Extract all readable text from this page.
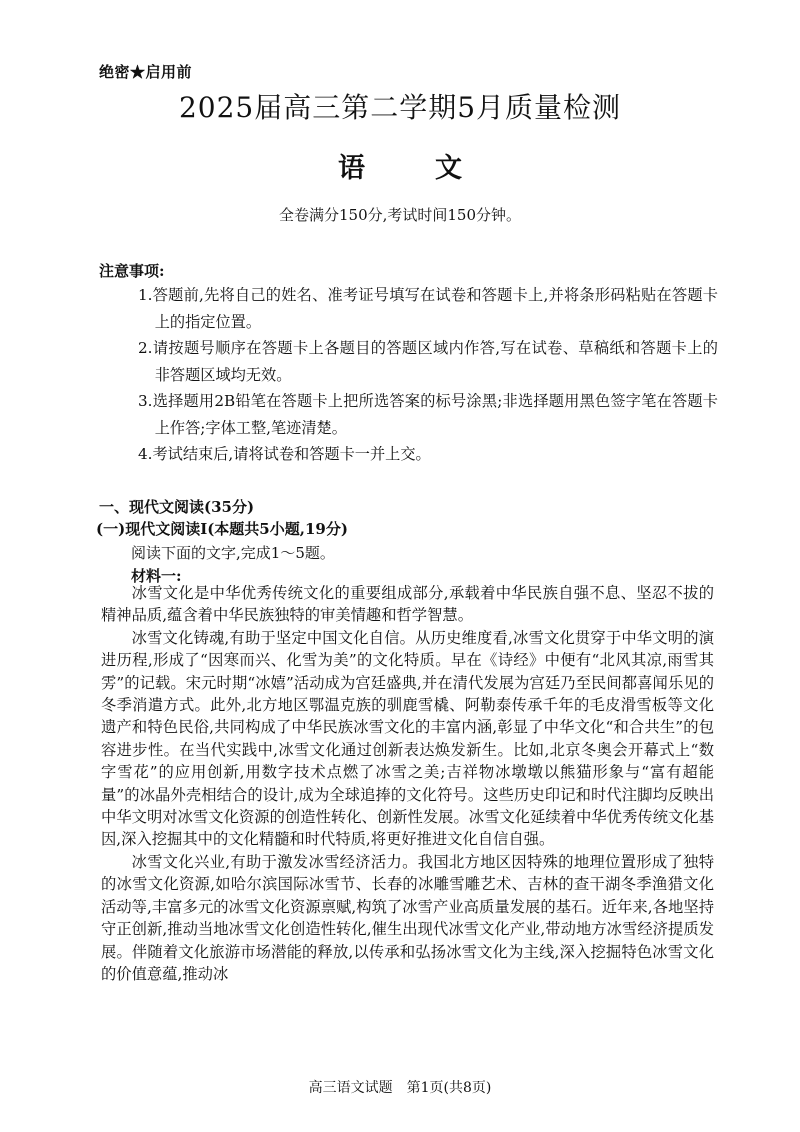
绝密★启用前
2025届高三第二学期5月质量检测
语	文
全卷满分150分,考试时间150分钟。
注意事项:
1.答题前,先将自己的姓名、准考证号填写在试卷和答题卡上,并将条形码粘贴在答题卡上的指定位置。
2.请按题号顺序在答题卡上各题目的答题区域内作答,写在试卷、草稿纸和答题卡上的非答题区域均无效。
3.选择题用2B铅笔在答题卡上把所选答案的标号涂黑;非选择题用黑色签字笔在答题卡上作答;字体工整,笔迹清楚。
4.考试结束后,请将试卷和答题卡一并上交。
一、现代文阅读(35分)
(一)现代文阅读Ⅰ(本题共5小题,19分)
阅读下面的文字,完成1～5题。
材料一:

冰雪文化是中华优秀传统文化的重要组成部分,承载着中华民族自强不息、坚忍不拔的精神品质,蕴含着中华民族独特的审美情趣和哲学智慧。

冰雪文化铸魂,有助于坚定中国文化自信。从历史维度看,冰雪文化贯穿于中华文明的演进历程,形成了“因寒而兴、化雪为美”的文化特质。早在《诗经》中便有“北风其凉,雨雪其雱”的记载。宋元时期“冰嬉”活动成为宫廷盛典,并在清代发展为宫廷乃至民间都喜闻乐见的冬季消遣方式。此外,北方地区鄂温克族的驯鹿雪橇、阿勒泰传承千年的毛皮滑雪板等文化遗产和特色民俗,共同构成了中华民族冰雪文化的丰富内涵,彰显了中华文化“和合共生”的包容进步性。在当代实践中,冰雪文化通过创新表达焕发新生。比如,北京冬奥会开幕式上“数字雪花”的应用创新,用数字技术点燃了冰雪之美;吉祥物冰墩墩以熊猫形象与“富有超能量”的冰晶外壳相结合的设计,成为全球追捧的文化符号。这些历史印记和时代注脚均反映出中华文明对冰雪文化资源的创造性转化、创新性发展。冰雪文化延续着中华优秀传统文化基因,深入挖掘其中的文化精髓和时代特质,将更好推进文化自信自强。

冰雪文化兴业,有助于激发冰雪经济活力。我国北方地区因特殊的地理位置形成了独特的冰雪文化资源,如哈尔滨国际冰雪节、长春的冰雕雪雕艺术、吉林的查干湖冬季渔猎文化活动等,丰富多元的冰雪文化资源禀赋,构筑了冰雪产业高质量发展的基石。近年来,各地坚持守正创新,推动当地冰雪文化创造性转化,催生出现代冰雪文化产业,带动地方冰雪经济提质发展。伴随着文化旅游市场潜能的释放,以传承和弘扬冰雪文化为主线,深入挖掘特色冰雪文化的价值意蕴,推动冰

高三语文试题　第1页(共8页)
